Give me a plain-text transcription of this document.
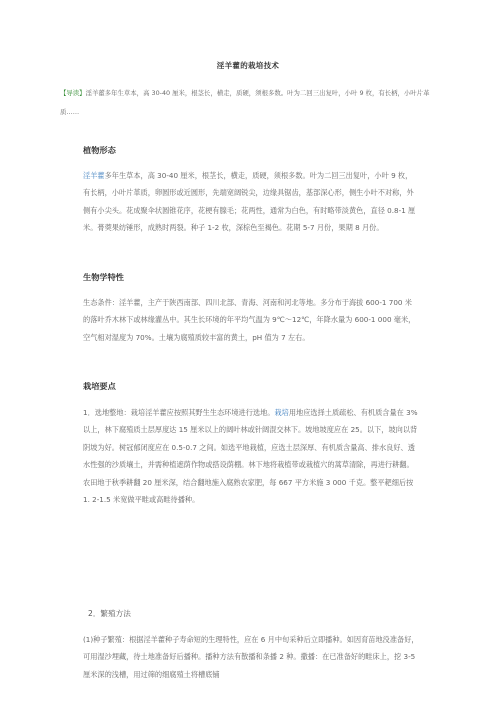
淫羊藿的栽培技术
【导读】淫羊藿多年生草本，高 30-40 厘米，根茎长，横走，质硬，须根多数。叶为二回三出复叶，小叶 9 枚，有长柄，小叶片革质……
植物形态
淫羊藿多年生草本，高 30-40 厘米，根茎长，横走，质硬，须根多数。叶为二回三出复叶，小叶 9 枚，有长柄，小叶片革质，卵圆形或近圆形，先端宽阔锐尖，边缘具锯齿，基部深心形，侧生小叶不对称，外侧有小尖头。花成聚伞状圆锥花序，花梗有腺毛；花两性，通常为白色，有时略带淡黄色，直径 0.8-1 厘米。蓇葖果纺锤形，成熟时两裂。种子 1-2 枚，深棕色至褐色。花期 5-7 月份，果期 8 月份。
生物学特性
生态条件：淫羊藿，主产于陕西南部、四川北部、青海、河南和河北等地。多分布于海拔 600-1 700 米的落叶乔木林下或林缘灌丛中。其生长环境的年平均气温为 9℃～12℃，年降水量为 600-1 000 毫米，空气相对湿度为 70%。土壤为腐殖质较丰富的黄土，pH 值为 7 左右。
栽培要点
1．选地整地：栽培淫羊藿应按照其野生生态环境进行选地。栽培用地应选择土质疏松、有机质含量在 3%以上，林下腐殖质土层厚度达 15 厘米以上的阔叶林或针阔混交林下。坡地坡度应在 25。以下，坡向以背阴坡为好。树冠郁闭度应在 0.5-0.7 之间。如选平地栽植，应选土层深厚、有机质含量高、排水良好、透水性强的沙质壤土，并需种植遮荫作物或搭设荫棚。林下地将栽植带或栽植穴的蒿草清除，再进行耕翻。农田地于秋季耕翻 20 厘米深，结合翻地施入腐熟农家肥，每 667 平方米施 3 000 千克。整平耙细后按 1. 2-1.5 米宽做平畦或高畦待播种。
2．繁殖方法
(1)种子繁殖：根据淫羊藿种子寿命短的生理特性，应在 6 月中旬采种后立即播种。如因育苗地没准备好，可用湿沙埋藏，待土地准备好后播种。播种方法有散播和条播 2 种。撒播：在已准备好的畦床上，挖 3-5 厘米深的浅槽，用过筛的细腐殖土将槽底铺
